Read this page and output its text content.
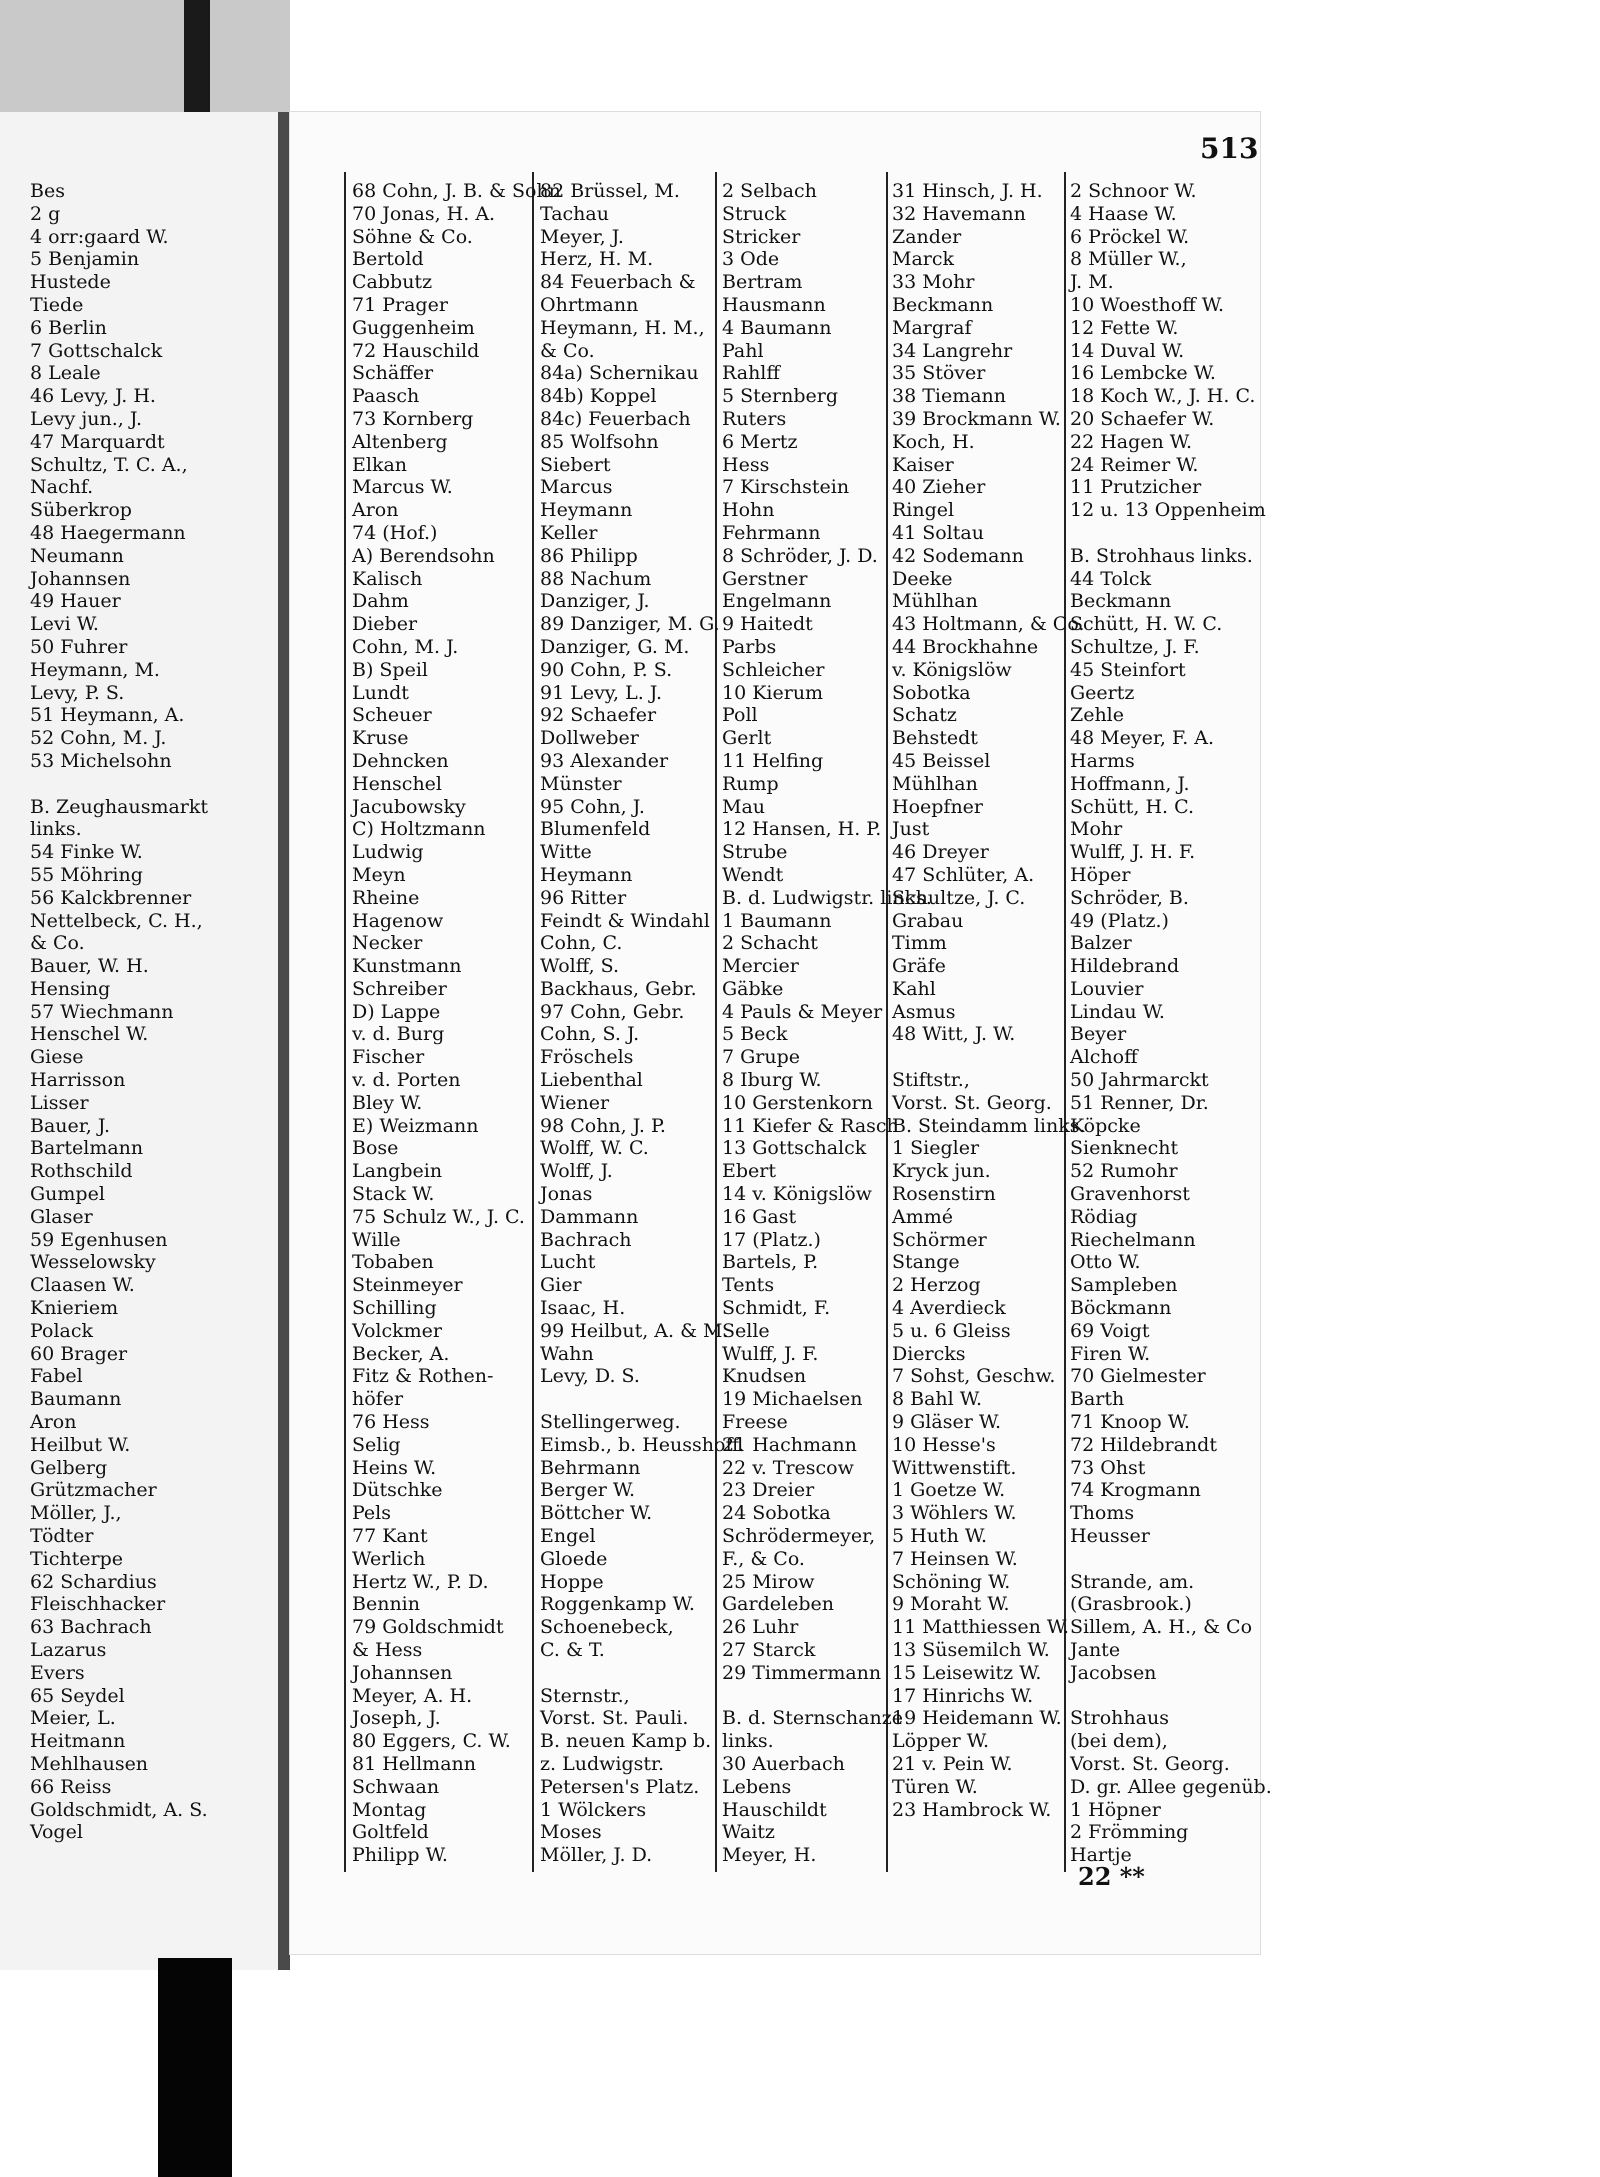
513
Bes
2 g
4 orr:gaard W.
5 Benjamin
Hustede
Tiede
6 Berlin
7 Gottschalck
8 Leale
46 Levy, J. H.
Levy jun., J.
47 Marquardt
Schultz, T. C. A.,
Nachf.
Süberkrop
48 Haegermann
Neumann
Johannsen
49 Hauer
Levi W.
50 Fuhrer
Heymann, M.
Levy, P. S.
51 Heymann, A.
52 Cohn, M. J.
53 Michelsohn
B. Zeughausmarkt
links.
54 Finke W.
55 Möhring
56 Kalckbrenner
Nettelbeck, C. H.,
& Co.
Bauer, W. H.
Hensing
57 Wiechmann
Henschel W.
Giese
Harrisson
Lisser
Bauer, J.
Bartelmann
Rothschild
Gumpel
Glaser
59 Egenhusen
Wesselowsky
Claasen W.
Knieriem
Polack
60 Brager
Fabel
Baumann
Aron
Heilbut W.
Gelberg
Grützmacher
Möller, J.,
Tödter
Tichterpe
62 Schardius
Fleischhacker
63 Bachrach
Lazarus
Evers
65 Seydel
Meier, L.
Heitmann
Mehlhausen
66 Reiss
Goldschmidt, A. S.
Vogel
68 Cohn, J. B. & Sohn
70 Jonas, H. A.
Söhne & Co.
Bertold
Cabbutz
71 Prager
Guggenheim
72 Hauschild
Schäffer
Paasch
73 Kornberg
Altenberg
Elkan
Marcus W.
Aron
74 (Hof.)
A) Berendsohn
Kalisch
Dahm
Dieber
Cohn, M. J.
B) Speil
Lundt
Scheuer
Kruse
Dehncken
Henschel
Jacubowsky
C) Holtzmann
Ludwig
Meyn
Rheine
Hagenow
Necker
Kunstmann
Schreiber
D) Lappe
v. d. Burg
Fischer
v. d. Porten
Bley W.
E) Weizmann
Bose
Langbein
Stack W.
75 Schulz W., J. C.
Wille
Tobaben
Steinmeyer
Schilling
Volckmer
Becker, A.
Fitz & Rothen-
höfer
76 Hess
Selig
Heins W.
Dütschke
Pels
77 Kant
Werlich
Hertz W., P. D.
Bennin
79 Goldschmidt
& Hess
Johannsen
Meyer, A. H.
Joseph, J.
80 Eggers, C. W.
81 Hellmann
Schwaan
Montag
Goltfeld
Philipp W.
82 Brüssel, M.
Tachau
Meyer, J.
Herz, H. M.
84 Feuerbach &
Ohrtmann
Heymann, H. M.,
& Co.
84a) Schernikau
84b) Koppel
84c) Feuerbach
85 Wolfsohn
Siebert
Marcus
Heymann
Keller
86 Philipp
88 Nachum
Danziger, J.
89 Danziger, M. G.
Danziger, G. M.
90 Cohn, P. S.
91 Levy, L. J.
92 Schaefer
Dollweber
93 Alexander
Münster
95 Cohn, J.
Blumenfeld
Witte
Heymann
96 Ritter
Feindt & Windahl
Cohn, C.
Wolff, S.
Backhaus, Gebr.
97 Cohn, Gebr.
Cohn, S. J.
Fröschels
Liebenthal
Wiener
98 Cohn, J. P.
Wolff, W. C.
Wolff, J.
Jonas
Dammann
Bachrach
Lucht
Gier
Isaac, H.
99 Heilbut, A. & M.
Wahn
Levy, D. S.
Stellingerweg.
Eimsb., b. Heusshoff.
Behrmann
Berger W.
Böttcher W.
Engel
Gloede
Hoppe
Roggenkamp W.
Schoenebeck,
C. & T.
Sternstr.,
Vorst. St. Pauli.
B. neuen Kamp b.
z. Ludwigstr.
Petersen's Platz.
1 Wölckers
Moses
Möller, J. D.
2 Selbach
Struck
Stricker
3 Ode
Bertram
Hausmann
4 Baumann
Pahl
Rahlff
5 Sternberg
Ruters
6 Mertz
Hess
7 Kirschstein
Hohn
Fehrmann
8 Schröder, J. D.
Gerstner
Engelmann
9 Haitedt
Parbs
Schleicher
10 Kierum
Poll
Gerlt
11 Helfing
Rump
Mau
12 Hansen, H. P.
Strube
Wendt
B. d. Ludwigstr. links.
1 Baumann
2 Schacht
Mercier
Gäbke
4 Pauls & Meyer
5 Beck
7 Grupe
8 Iburg W.
10 Gerstenkorn
11 Kiefer & Rasch
13 Gottschalck
Ebert
14 v. Königslöw
16 Gast
17 (Platz.)
Bartels, P.
Tents
Schmidt, F.
Selle
Wulff, J. F.
Knudsen
19 Michaelsen
Freese
21 Hachmann
22 v. Trescow
23 Dreier
24 Sobotka
Schrödermeyer,
F., & Co.
25 Mirow
Gardeleben
26 Luhr
27 Starck
29 Timmermann
B. d. Sternschanze
links.
30 Auerbach
Lebens
Hauschildt
Waitz
Meyer, H.
31 Hinsch, J. H.
32 Havemann
Zander
Marck
33 Mohr
Beckmann
Margraf
34 Langrehr
35 Stöver
38 Tiemann
39 Brockmann W.
Koch, H.
Kaiser
40 Zieher
Ringel
41 Soltau
42 Sodemann
Deeke
Mühlhan
43 Holtmann, & Co.
44 Brockhahne
v. Königslöw
Sobotka
Schatz
Behstedt
45 Beissel
Mühlhan
Hoepfner
Just
46 Dreyer
47 Schlüter, A.
Schultze, J. C.
Grabau
Timm
Gräfe
Kahl
Asmus
48 Witt, J. W.
Stiftstr.,
Vorst. St. Georg.
B. Steindamm links.
1 Siegler
Kryck jun.
Rosenstirn
Ammé
Schörmer
Stange
2 Herzog
4 Averdieck
5 u. 6 Gleiss
Diercks
7 Sohst, Geschw.
8 Bahl W.
9 Gläser W.
10 Hesse's
Wittwenstift.
1 Goetze W.
3 Wöhlers W.
5 Huth W.
7 Heinsen W.
Schöning W.
9 Moraht W.
11 Matthiessen W.
13 Süsemilch W.
15 Leisewitz W.
17 Hinrichs W.
19 Heidemann W.
Löpper W.
21 v. Pein W.
Türen W.
23 Hambrock W.
2 Schnoor W.
4 Haase W.
6 Pröckel W.
8 Müller W.,
J. M.
10 Woesthoff W.
12 Fette W.
14 Duval W.
16 Lembcke W.
18 Koch W., J. H. C.
20 Schaefer W.
22 Hagen W.
24 Reimer W.
11 Prutzicher
12 u. 13 Oppenheim
B. Strohhaus links.
44 Tolck
Beckmann
Schütt, H. W. C.
Schultze, J. F.
45 Steinfort
Geertz
Zehle
48 Meyer, F. A.
Harms
Hoffmann, J.
Schütt, H. C.
Mohr
Wulff, J. H. F.
Höper
Schröder, B.
49 (Platz.)
Balzer
Hildebrand
Louvier
Lindau W.
Beyer
Alchoff
50 Jahrmarckt
51 Renner, Dr.
Köpcke
Sienknecht
52 Rumohr
Gravenhorst
Rödiag
Riechelmann
Otto W.
Sampleben
Böckmann
69 Voigt
Firen W.
70 Gielmester
Barth
71 Knoop W.
72 Hildebrandt
73 Ohst
74 Krogmann
Thoms
Heusser
Strande, am.
(Grasbrook.)
Sillem, A. H., & Co
Jante
Jacobsen
Strohhaus
(bei dem),
Vorst. St. Georg.
D. gr. Allee gegenüb.
1 Höpner
2 Frömming
Hartje
22 **
